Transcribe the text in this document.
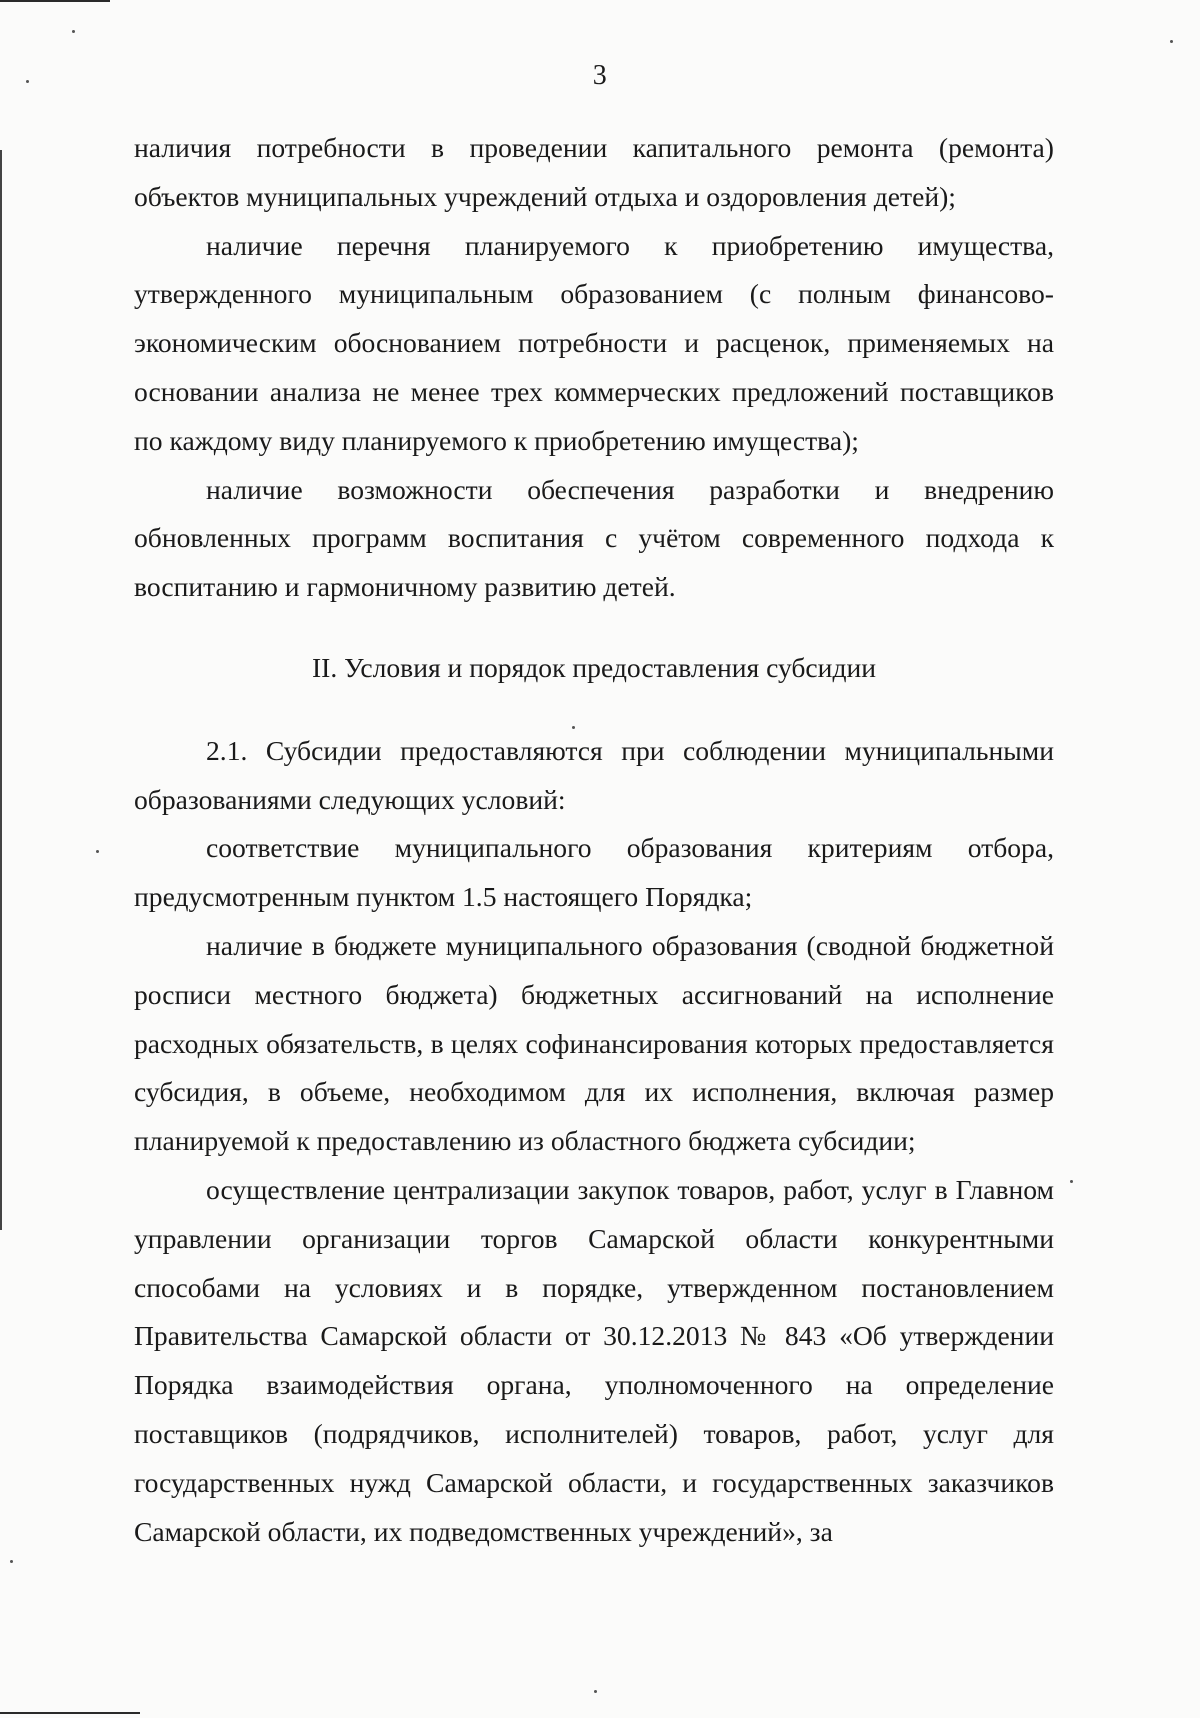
3

наличия потребности в проведении капитального ремонта (ремонта) объектов муниципальных учреждений отдыха и оздоровления детей);

наличие перечня планируемого к приобретению имущества, утвержденного муниципальным образованием (с полным финансово-экономическим обоснованием потребности и расценок, применяемых на основании анализа не менее трех коммерческих предложений поставщиков по каждому виду планируемого к приобретению имущества);

наличие возможности обеспечения разработки и внедрению обновленных программ воспитания с учётом современного подхода к воспитанию и гармоничному развитию детей.

II. Условия и порядок предоставления субсидии

2.1. Субсидии предоставляются при соблюдении муниципальными образованиями следующих условий:

соответствие муниципального образования критериям отбора, предусмотренным пунктом 1.5 настоящего Порядка;

наличие в бюджете муниципального образования (сводной бюджетной росписи местного бюджета) бюджетных ассигнований на исполнение расходных обязательств, в целях софинансирования которых предоставляется субсидия, в объеме, необходимом для их исполнения, включая размер планируемой к предоставлению из областного бюджета субсидии;

осуществление централизации закупок товаров, работ, услуг в Главном управлении организации торгов Самарской области конкурентными способами на условиях и в порядке, утвержденном постановлением Правительства Самарской области от 30.12.2013 № 843 «Об утверждении Порядка взаимодействия органа, уполномоченного на определение поставщиков (подрядчиков, исполнителей) товаров, работ, услуг для государственных нужд Самарской области, и государственных заказчиков Самарской области, их подведомственных учреждений», за
